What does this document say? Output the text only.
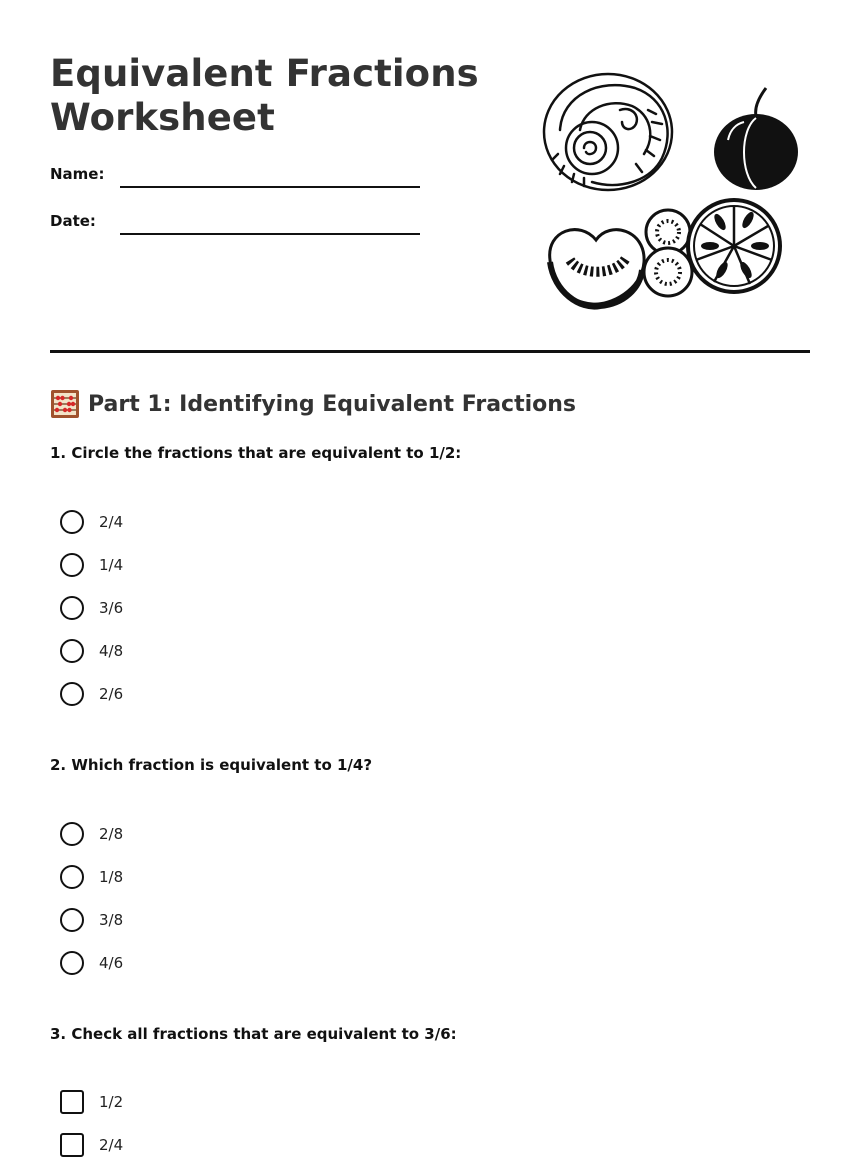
Equivalent Fractions
Worksheet
Name:
Date:
Part 1: Identifying Equivalent Fractions
1. Circle the fractions that are equivalent to 1/2:
2/4
1/4
3/6
4/8
2/6
2. Which fraction is equivalent to 1/4?
2/8
1/8
3/8
4/6
3. Check all fractions that are equivalent to 3/6:
1/2
2/4
